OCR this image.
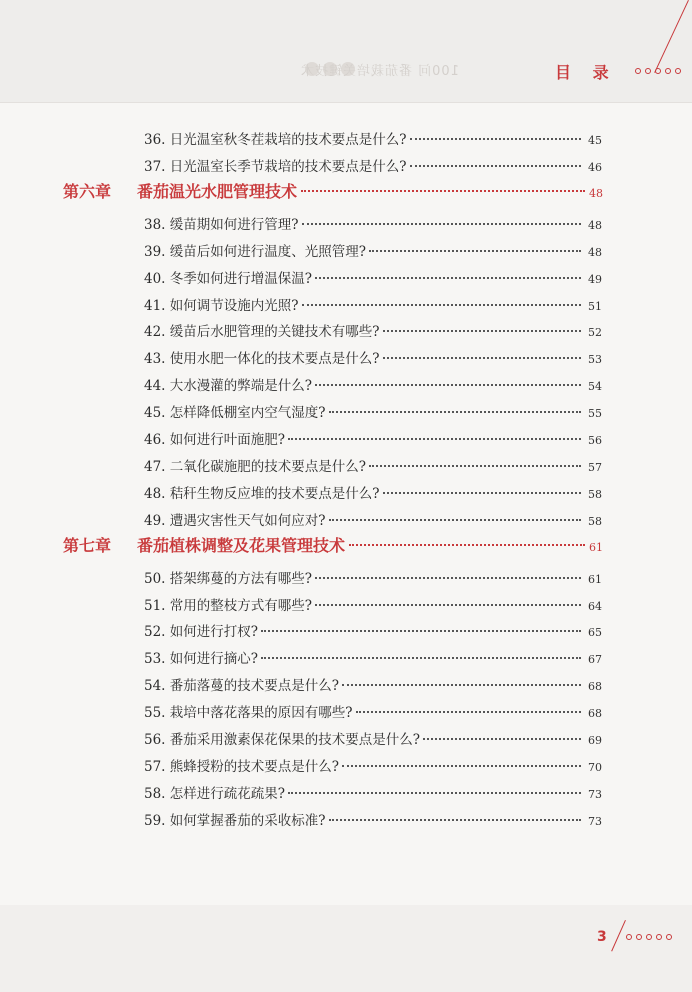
100问 番茄栽培关键技术	目 录
36. 日光温室秋冬茬栽培的技术要点是什么?	45
37. 日光温室长季节栽培的技术要点是什么?	46
第六章 番茄温光水肥管理技术	48
38. 缓苗期如何进行管理?	48
39. 缓苗后如何进行温度、光照管理?	48
40. 冬季如何进行增温保温?	49
41. 如何调节设施内光照?	51
42. 缓苗后水肥管理的关键技术有哪些?	52
43. 使用水肥一体化的技术要点是什么?	53
44. 大水漫灌的弊端是什么?	54
45. 怎样降低棚室内空气湿度?	55
46. 如何进行叶面施肥?	56
47. 二氧化碳施肥的技术要点是什么?	57
48. 秸秆生物反应堆的技术要点是什么?	58
49. 遭遇灾害性天气如何应对?	58
第七章 番茄植株调整及花果管理技术	61
50. 搭架绑蔓的方法有哪些?	61
51. 常用的整枝方式有哪些?	64
52. 如何进行打杈?	65
53. 如何进行摘心?	67
54. 番茄落蔓的技术要点是什么?	68
55. 栽培中落花落果的原因有哪些?	68
56. 番茄采用激素保花保果的技术要点是什么?	69
57. 熊蜂授粉的技术要点是什么?	70
58. 怎样进行疏花疏果?	73
59. 如何掌握番茄的采收标准?	73
3
